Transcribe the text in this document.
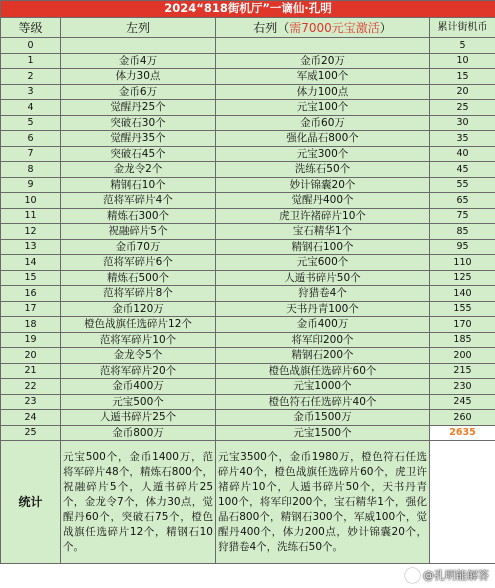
2024“818街机厅”一谪仙·孔明			
等级	左列	右列（需7000元宝激活）	累计街机币
0			5
1	金币4万	金币20万	10
2	体力30点	军威100个	15
3	金币6万	体力100点	20
4	觉醒丹25个	元宝100个	25
5	突破石30个	金币60万	30
6	觉醒丹35个	强化晶石800个	35
7	突破石45个	元宝300个	40
8	金龙令2个	洗练石50个	45
9	精钢石10个	妙计锦囊20个	55
10	范将军碎片4个	觉醒丹400个	65
11	精炼石300个	虎卫许褚碎片10个	75
12	祝融碎片5个	宝石精华1个	85
13	金币70万	精钢石100个	95
14	范将军碎片6个	元宝600个	110
15	精炼石500个	人遁书碎片50个	125
16	范将军碎片8个	狩猎卷4个	140
17	金币120万	天书丹青100个	155
18	橙色战旗任选碎片12个	金币400万	170
19	范将军碎片10个	将军印200个	185
20	金龙令5个	精钢石200个	200
21	范将军碎片20个	橙色战旗任选碎片60个	215
22	金币400万	元宝1000个	230
23	元宝500个	橙色符石任选碎片40个	245
24	人遁书碎片25个	金币1500万	260
25	金币800万	元宝1500个	2635
统计	元宝500个，金币1400万，范将军碎片48个，精炼石800个，祝融碎片5个，人遁书碎片25个，金龙令7个，体力30点，觉醒丹60个，突破石75个，橙色战旗任选碎片12个，精钢石10个。	元宝3500个，金币1980万，橙色符石任选碎片40个，橙色战旗任选碎片60个，虎卫许褚碎片10个，人遁书碎片50个，天书丹青100个，将军印200个，宝石精华1个，强化晶石800个，精钢石300个，军威100个，觉醒丹400个，体力200点，妙计锦囊20个，狩猎卷4个，洗练石50个。	
@孔明能解答
